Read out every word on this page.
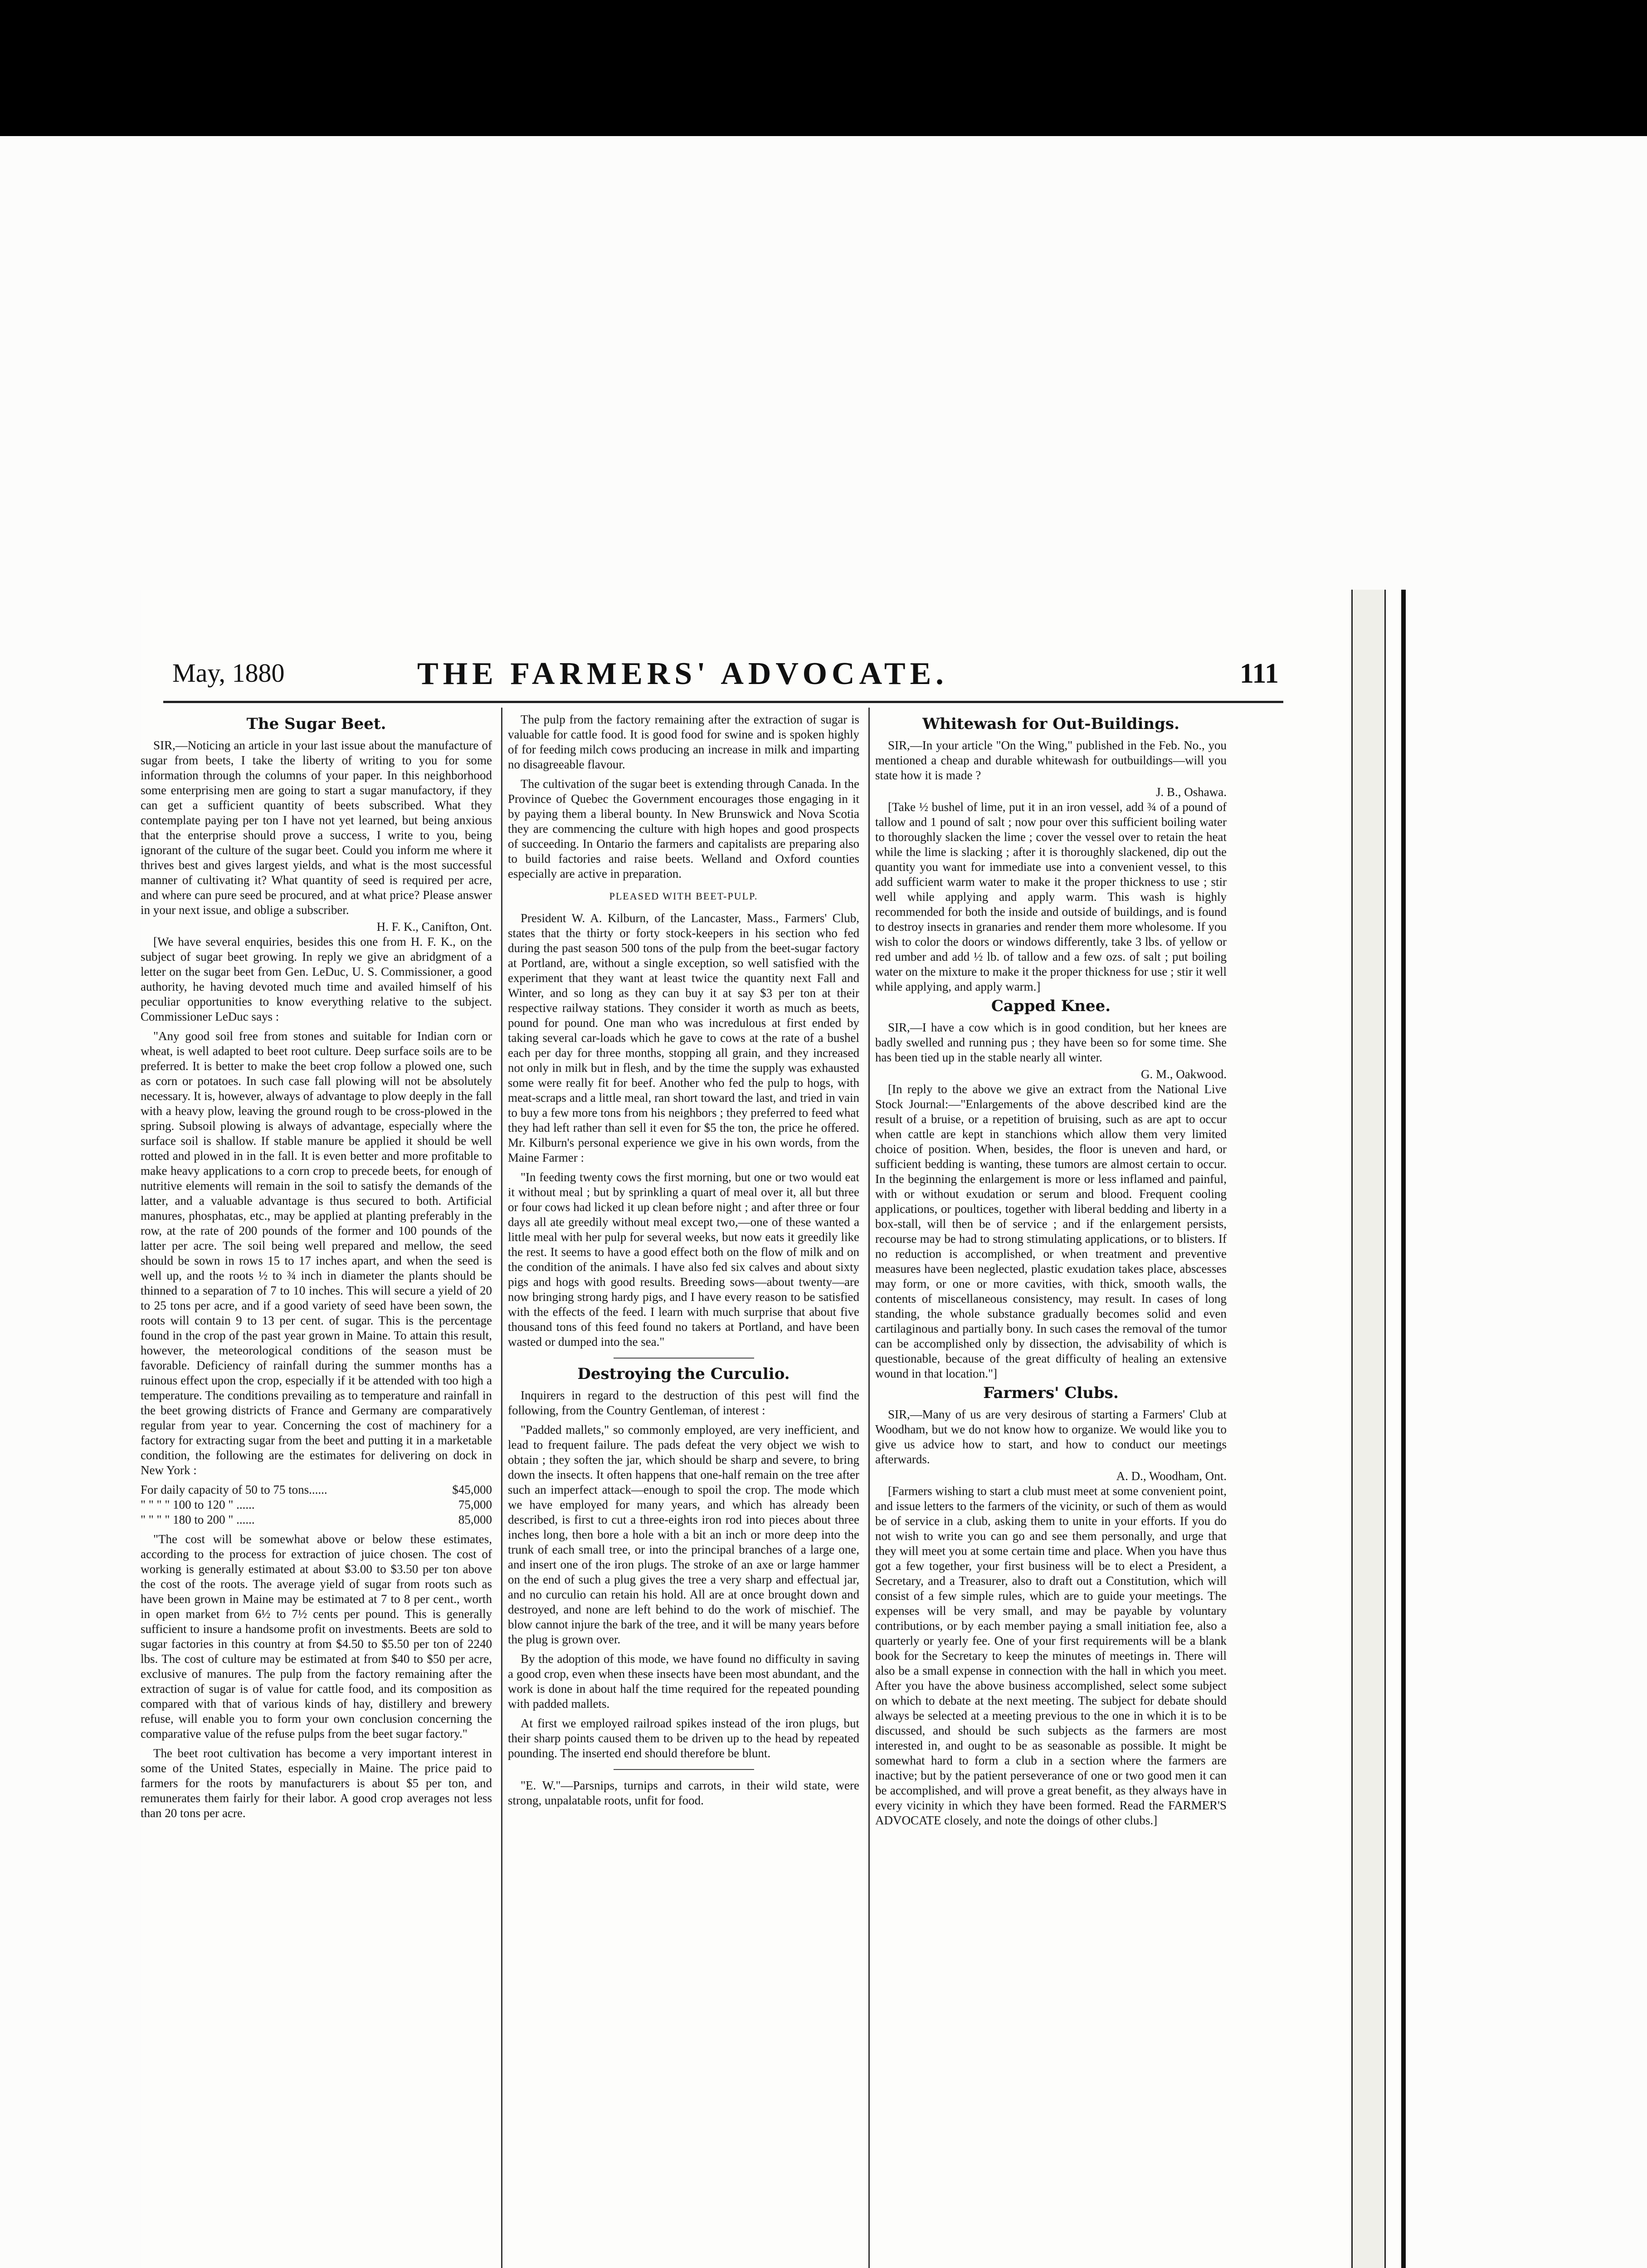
May, 1880	THE FARMERS' ADVOCATE.	111
The Sugar Beet.

SIR,—Noticing an article in your last issue about the manufacture of sugar from beets, I take the liberty of writing to you for some information through the columns of your paper. In this neighborhood some enterprising men are going to start a sugar manufactory, if they can get a sufficient quantity of beets subscribed. What they contemplate paying per ton I have not yet learned, but being anxious that the enterprise should prove a success, I write to you, being ignorant of the culture of the sugar beet. Could you inform me where it thrives best and gives largest yields, and what is the most successful manner of cultivating it? What quantity of seed is required per acre, and where can pure seed be procured, and at what price? Please answer in your next issue, and oblige a subscriber.

H. F. K., Canifton, Ont.

[We have several enquiries, besides this one from H. F. K., on the subject of sugar beet growing. In reply we give an abridgment of a letter on the sugar beet from Gen. LeDuc, U. S. Commissioner, a good authority, he having devoted much time and availed himself of his peculiar opportunities to know everything relative to the subject. Commissioner LeDuc says :

"Any good soil free from stones and suitable for Indian corn or wheat, is well adapted to beet root culture. Deep surface soils are to be preferred. It is better to make the beet crop follow a plowed one, such as corn or potatoes. In such case fall plowing will not be absolutely necessary. It is, however, always of advantage to plow deeply in the fall with a heavy plow, leaving the ground rough to be cross-plowed in the spring. Subsoil plowing is always of advantage, especially where the surface soil is shallow. If stable manure be applied it should be well rotted and plowed in in the fall. It is even better and more profitable to make heavy applications to a corn crop to precede beets, for enough of nutritive elements will remain in the soil to satisfy the demands of the latter, and a valuable advantage is thus secured to both. Artificial manures, phosphatas, etc., may be applied at planting preferably in the row, at the rate of 200 pounds of the former and 100 pounds of the latter per acre. The soil being well prepared and mellow, the seed should be sown in rows 15 to 17 inches apart, and when the seed is well up, and the roots ½ to ¾ inch in diameter the plants should be thinned to a separation of 7 to 10 inches. This will secure a yield of 20 to 25 tons per acre, and if a good variety of seed have been sown, the roots will contain 9 to 13 per cent. of sugar. This is the percentage found in the crop of the past year grown in Maine. To attain this result, however, the meteorological conditions of the season must be favorable. Deficiency of rainfall during the summer months has a ruinous effect upon the crop, especially if it be attended with too high a temperature. The conditions prevailing as to temperature and rainfall in the beet growing districts of France and Germany are comparatively regular from year to year. Concerning the cost of machinery for a factory for extracting sugar from the beet and putting it in a marketable condition, the following are the estimates for delivering on dock in New York :

For daily capacity of 50 to 75 tons......	$45,000
" " " " 100 to 120 " ......	75,000
" " " " 180 to 200 " ......	85,000

"The cost will be somewhat above or below these estimates, according to the process for extraction of juice chosen. The cost of working is generally estimated at about $3.00 to $3.50 per ton above the cost of the roots. The average yield of sugar from roots such as have been grown in Maine may be estimated at 7 to 8 per cent., worth in open market from 6½ to 7½ cents per pound. This is generally sufficient to insure a handsome profit on investments. Beets are sold to sugar factories in this country at from $4.50 to $5.50 per ton of 2240 lbs. The cost of culture may be estimated at from $40 to $50 per acre, exclusive of manures. The pulp from the factory remaining after the extraction of sugar is of value for cattle food, and its composition as compared with that of various kinds of hay, distillery and brewery refuse, will enable you to form your own conclusion concerning the comparative value of the refuse pulps from the beet sugar factory."

The beet root cultivation has become a very important interest in some of the United States, especially in Maine. The price paid to farmers for the roots by manufacturers is about $5 per ton, and remunerates them fairly for their labor. A good crop averages not less than 20 tons per acre.

The pulp from the factory remaining after the extraction of sugar is valuable for cattle food. It is good food for swine and is spoken highly of for feeding milch cows producing an increase in milk and imparting no disagreeable flavour.

The cultivation of the sugar beet is extending through Canada. In the Province of Quebec the Government encourages those engaging in it by paying them a liberal bounty. In New Brunswick and Nova Scotia they are commencing the culture with high hopes and good prospects of succeeding. In Ontario the farmers and capitalists are preparing also to build factories and raise beets. Welland and Oxford counties especially are active in preparation.

PLEASED WITH BEET-PULP.

President W. A. Kilburn, of the Lancaster, Mass., Farmers' Club, states that the thirty or forty stock-keepers in his section who fed during the past season 500 tons of the pulp from the beet-sugar factory at Portland, are, without a single exception, so well satisfied with the experiment that they want at least twice the quantity next Fall and Winter, and so long as they can buy it at say $3 per ton at their respective railway stations. They consider it worth as much as beets, pound for pound. One man who was incredulous at first ended by taking several car-loads which he gave to cows at the rate of a bushel each per day for three months, stopping all grain, and they increased not only in milk but in flesh, and by the time the supply was exhausted some were really fit for beef. Another who fed the pulp to hogs, with meat-scraps and a little meal, ran short toward the last, and tried in vain to buy a few more tons from his neighbors ; they preferred to feed what they had left rather than sell it even for $5 the ton, the price he offered. Mr. Kilburn's personal experience we give in his own words, from the Maine Farmer :

"In feeding twenty cows the first morning, but one or two would eat it without meal ; but by sprinkling a quart of meal over it, all but three or four cows had licked it up clean before night ; and after three or four days all ate greedily without meal except two,—one of these wanted a little meal with her pulp for several weeks, but now eats it greedily like the rest. It seems to have a good effect both on the flow of milk and on the condition of the animals. I have also fed six calves and about sixty pigs and hogs with good results. Breeding sows—about twenty—are now bringing strong hardy pigs, and I have every reason to be satisfied with the effects of the feed. I learn with much surprise that about five thousand tons of this feed found no takers at Portland, and have been wasted or dumped into the sea."

Destroying the Curculio.

Inquirers in regard to the destruction of this pest will find the following, from the Country Gentleman, of interest :

"Padded mallets," so commonly employed, are very inefficient, and lead to frequent failure. The pads defeat the very object we wish to obtain ; they soften the jar, which should be sharp and severe, to bring down the insects. It often happens that one-half remain on the tree after such an imperfect attack—enough to spoil the crop. The mode which we have employed for many years, and which has already been described, is first to cut a three-eights iron rod into pieces about three inches long, then bore a hole with a bit an inch or more deep into the trunk of each small tree, or into the principal branches of a large one, and insert one of the iron plugs. The stroke of an axe or large hammer on the end of such a plug gives the tree a very sharp and effectual jar, and no curculio can retain his hold. All are at once brought down and destroyed, and none are left behind to do the work of mischief. The blow cannot injure the bark of the tree, and it will be many years before the plug is grown over.

By the adoption of this mode, we have found no difficulty in saving a good crop, even when these insects have been most abundant, and the work is done in about half the time required for the repeated pounding with padded mallets.

At first we employed railroad spikes instead of the iron plugs, but their sharp points caused them to be driven up to the head by repeated pounding. The inserted end should therefore be blunt.

"E. W."—Parsnips, turnips and carrots, in their wild state, were strong, unpalatable roots, unfit for food.

Whitewash for Out-Buildings.

SIR,—In your article "On the Wing," published in the Feb. No., you mentioned a cheap and durable whitewash for outbuildings—will you state how it is made ?

J. B., Oshawa.

[Take ½ bushel of lime, put it in an iron vessel, add ¾ of a pound of tallow and 1 pound of salt ; now pour over this sufficient boiling water to thoroughly slacken the lime ; cover the vessel over to retain the heat while the lime is slacking ; after it is thoroughly slackened, dip out the quantity you want for immediate use into a convenient vessel, to this add sufficient warm water to make it the proper thickness to use ; stir well while applying and apply warm. This wash is highly recommended for both the inside and outside of buildings, and is found to destroy insects in granaries and render them more wholesome. If you wish to color the doors or windows differently, take 3 lbs. of yellow or red umber and add ½ lb. of tallow and a few ozs. of salt ; put boiling water on the mixture to make it the proper thickness for use ; stir it well while applying, and apply warm.]

Capped Knee.

SIR,—I have a cow which is in good condition, but her knees are badly swelled and running pus ; they have been so for some time. She has been tied up in the stable nearly all winter.

G. M., Oakwood.

[In reply to the above we give an extract from the National Live Stock Journal:—"Enlargements of the above described kind are the result of a bruise, or a repetition of bruising, such as are apt to occur when cattle are kept in stanchions which allow them very limited choice of position. When, besides, the floor is uneven and hard, or sufficient bedding is wanting, these tumors are almost certain to occur. In the beginning the enlargement is more or less inflamed and painful, with or without exudation or serum and blood. Frequent cooling applications, or poultices, together with liberal bedding and liberty in a box-stall, will then be of service ; and if the enlargement persists, recourse may be had to strong stimulating applications, or to blisters. If no reduction is accomplished, or when treatment and preventive measures have been neglected, plastic exudation takes place, abscesses may form, or one or more cavities, with thick, smooth walls, the contents of miscellaneous consistency, may result. In cases of long standing, the whole substance gradually becomes solid and even cartilaginous and partially bony. In such cases the removal of the tumor can be accomplished only by dissection, the advisability of which is questionable, because of the great difficulty of healing an extensive wound in that location."]

Farmers' Clubs.

SIR,—Many of us are very desirous of starting a Farmers' Club at Woodham, but we do not know how to organize. We would like you to give us advice how to start, and how to conduct our meetings afterwards.

A. D., Woodham, Ont.

[Farmers wishing to start a club must meet at some convenient point, and issue letters to the farmers of the vicinity, or such of them as would be of service in a club, asking them to unite in your efforts. If you do not wish to write you can go and see them personally, and urge that they will meet you at some certain time and place. When you have thus got a few together, your first business will be to elect a President, a Secretary, and a Treasurer, also to draft out a Constitution, which will consist of a few simple rules, which are to guide your meetings. The expenses will be very small, and may be payable by voluntary contributions, or by each member paying a small initiation fee, also a quarterly or yearly fee. One of your first requirements will be a blank book for the Secretary to keep the minutes of meetings in. There will also be a small expense in connection with the hall in which you meet. After you have the above business accomplished, select some subject on which to debate at the next meeting. The subject for debate should always be selected at a meeting previous to the one in which it is to be discussed, and should be such subjects as the farmers are most interested in, and ought to be as seasonable as possible. It might be somewhat hard to form a club in a section where the farmers are inactive; but by the patient perseverance of one or two good men it can be accomplished, and will prove a great benefit, as they always have in every vicinity in which they have been formed. Read the FARMER'S ADVOCATE closely, and note the doings of other clubs.]
